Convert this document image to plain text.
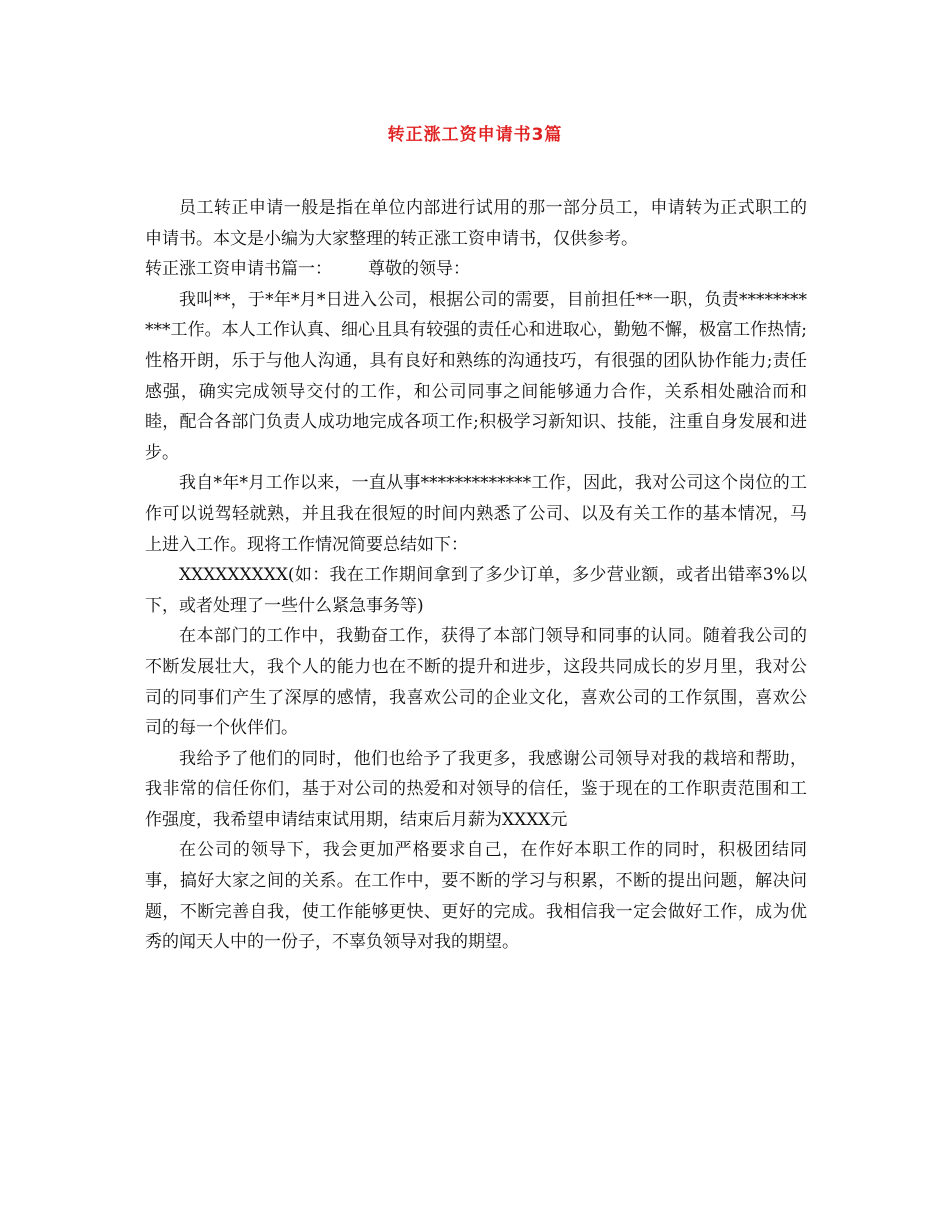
转正涨工资申请书3篇

员工转正申请一般是指在单位内部进行试用的那一部分员工，申请转为正式职工的申请书。本文是小编为大家整理的转正涨工资申请书，仅供参考。

转正涨工资申请书篇一： 尊敬的领导：

我叫**，于*年*月*日进入公司，根据公司的需要，目前担任**一职，负责***********工作。本人工作认真、细心且具有较强的责任心和进取心，勤勉不懈，极富工作热情;性格开朗，乐于与他人沟通，具有良好和熟练的沟通技巧，有很强的团队协作能力;责任感强，确实完成领导交付的工作，和公司同事之间能够通力合作，关系相处融洽而和睦，配合各部门负责人成功地完成各项工作;积极学习新知识、技能，注重自身发展和进步。

我自*年*月工作以来，一直从事*************工作，因此，我对公司这个岗位的工作可以说驾轻就熟，并且我在很短的时间内熟悉了公司、以及有关工作的基本情况，马上进入工作。现将工作情况简要总结如下：

XXXXXXXXX(如：我在工作期间拿到了多少订单，多少营业额，或者出错率3%以下，或者处理了一些什么紧急事务等)

在本部门的工作中，我勤奋工作，获得了本部门领导和同事的认同。随着我公司的不断发展壮大，我个人的能力也在不断的提升和进步，这段共同成长的岁月里，我对公司的同事们产生了深厚的感情，我喜欢公司的企业文化，喜欢公司的工作氛围，喜欢公司的每一个伙伴们。

我给予了他们的同时，他们也给予了我更多，我感谢公司领导对我的栽培和帮助，我非常的信任你们，基于对公司的热爱和对领导的信任，鉴于现在的工作职责范围和工作强度，我希望申请结束试用期，结束后月薪为XXXX元

在公司的领导下，我会更加严格要求自己，在作好本职工作的同时，积极团结同事，搞好大家之间的关系。在工作中，要不断的学习与积累，不断的提出问题，解决问题，不断完善自我，使工作能够更快、更好的完成。我相信我一定会做好工作，成为优秀的闻天人中的一份子，不辜负领导对我的期望。
